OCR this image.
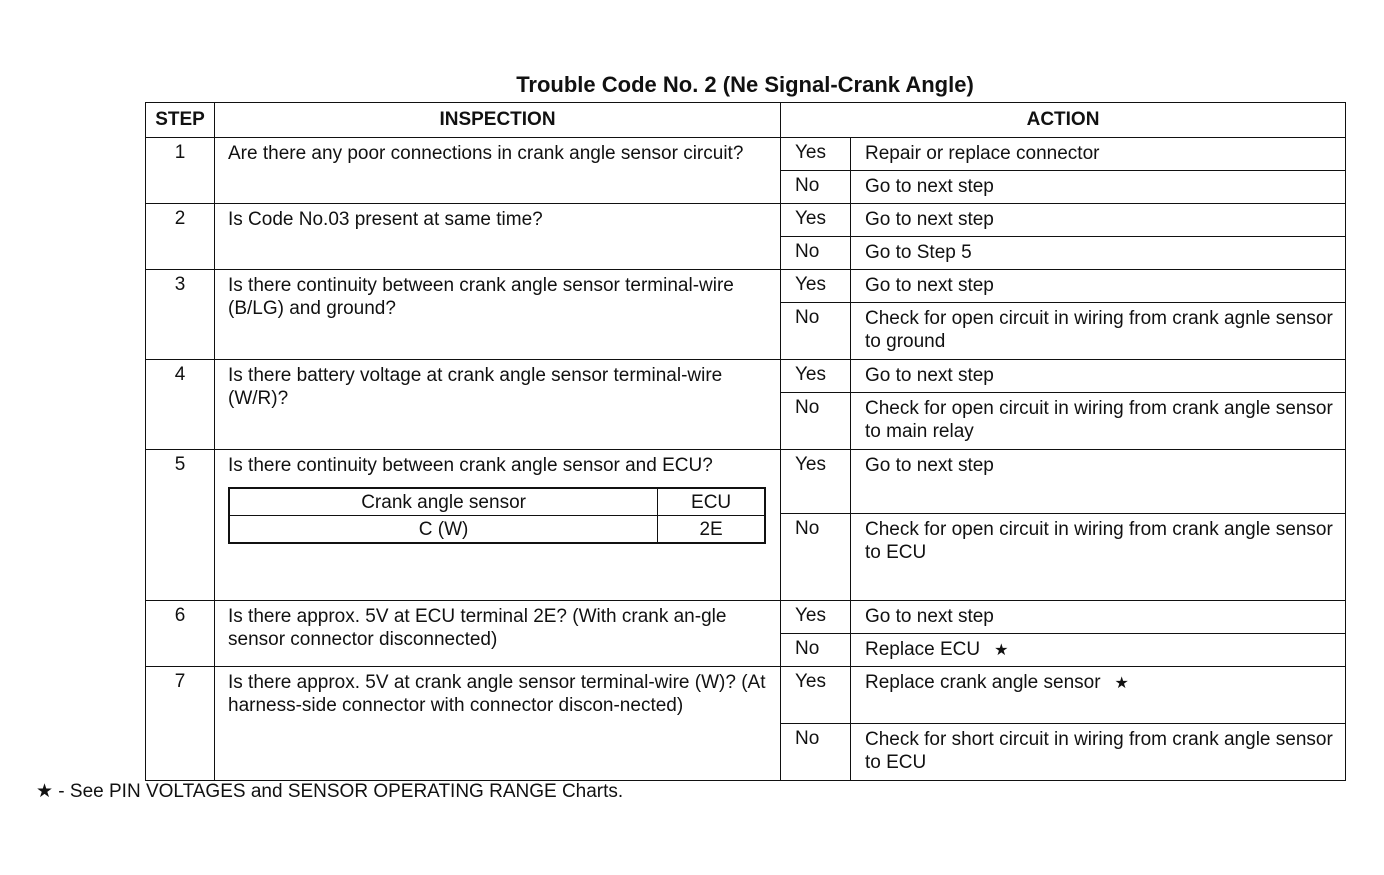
Trouble Code No. 2 (Ne Signal-Crank Angle)
STEP	INSPECTION	ACTION
1	Are there any poor connections in crank angle sensor circuit?	Yes	Repair or replace connector
No	Go to next step
2	Is Code No.03 present at same time?	Yes	Go to next step
No	Go to Step 5
3	Is there continuity between crank angle sensor terminal-wire (B/LG) and ground?	Yes	Go to next step
No	Check for open circuit in wiring from crank agnle sensor to ground
4	Is there battery voltage at crank angle sensor terminal-wire (W/R)?	Yes	Go to next step
No	Check for open circuit in wiring from crank angle sensor to main relay
5	Is there continuity between crank angle sensor and ECU?
Crank angle sensor	ECU
C (W)	2E
	Yes	Go to next step
No	Check for open circuit in wiring from crank angle sensor to ECU
6	Is there approx. 5V at ECU terminal 2E? (With crank an-gle sensor connector disconnected)	Yes	Go to next step
No	Replace ECU ★
7	Is there approx. 5V at crank angle sensor terminal-wire (W)? (At harness-side connector with connector discon-nected)	Yes	Replace crank angle sensor ★
No	Check for short circuit in wiring from crank angle sensor to ECU
★ - See PIN VOLTAGES and SENSOR OPERATING RANGE Charts.
